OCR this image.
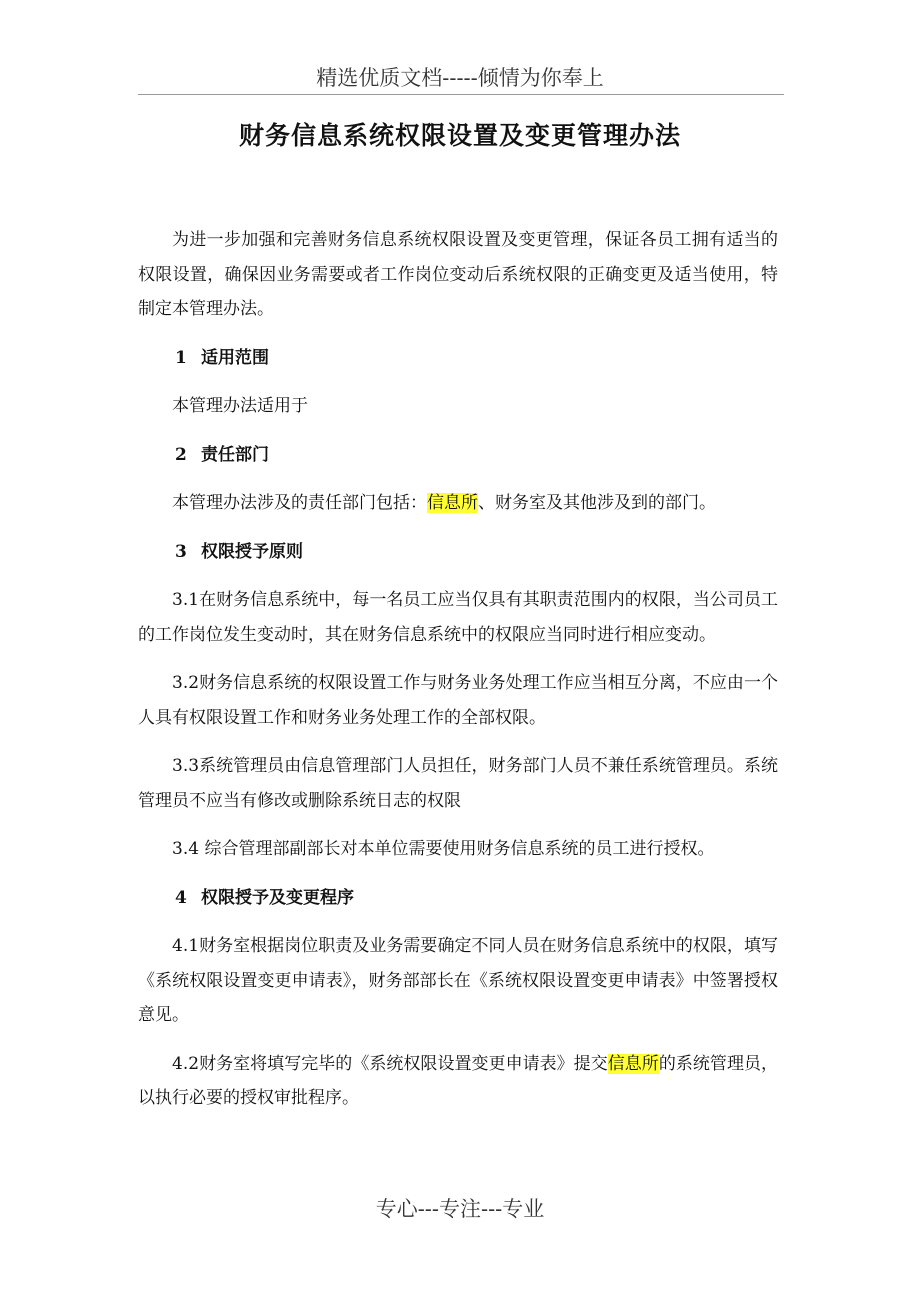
精选优质文档-----倾情为你奉上
财务信息系统权限设置及变更管理办法

为进一步加强和完善财务信息系统权限设置及变更管理，保证各员工拥有适当的权限设置，确保因业务需要或者工作岗位变动后系统权限的正确变更及适当使用，特制定本管理办法。

1 适用范围

本管理办法适用于

2 责任部门

本管理办法涉及的责任部门包括：信息所、财务室及其他涉及到的部门。

3 权限授予原则

3.1在财务信息系统中，每一名员工应当仅具有其职责范围内的权限，当公司员工的工作岗位发生变动时，其在财务信息系统中的权限应当同时进行相应变动。

3.2财务信息系统的权限设置工作与财务业务处理工作应当相互分离，不应由一个人具有权限设置工作和财务业务处理工作的全部权限。

3.3系统管理员由信息管理部门人员担任，财务部门人员不兼任系统管理员。系统管理员不应当有修改或删除系统日志的权限

3.4 综合管理部副部长对本单位需要使用财务信息系统的员工进行授权。

4 权限授予及变更程序

4.1财务室根据岗位职责及业务需要确定不同人员在财务信息系统中的权限，填写《系统权限设置变更申请表》，财务部部长在《系统权限设置变更申请表》中签署授权意见。

4.2财务室将填写完毕的《系统权限设置变更申请表》提交信息所的系统管理员，以执行必要的授权审批程序。

专心---专注---专业
